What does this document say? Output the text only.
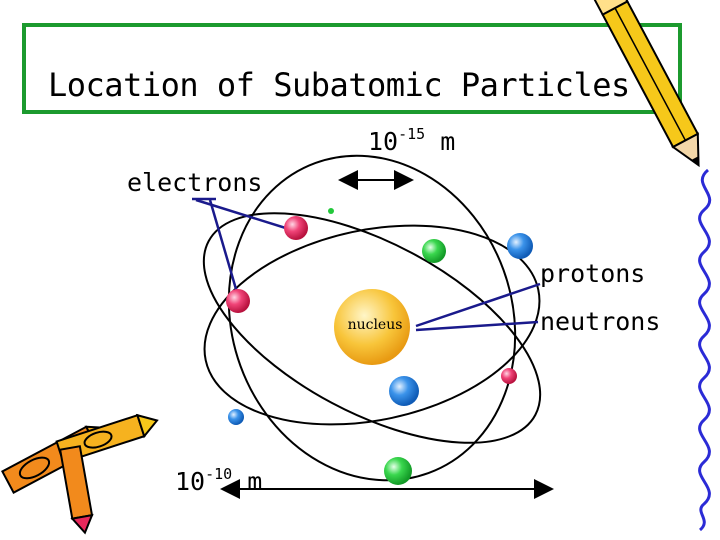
Location of Subatomic Particles
$10^{-15}$ m
electrons
protons
neutrons
nucleus
$10^{-10}$ m
